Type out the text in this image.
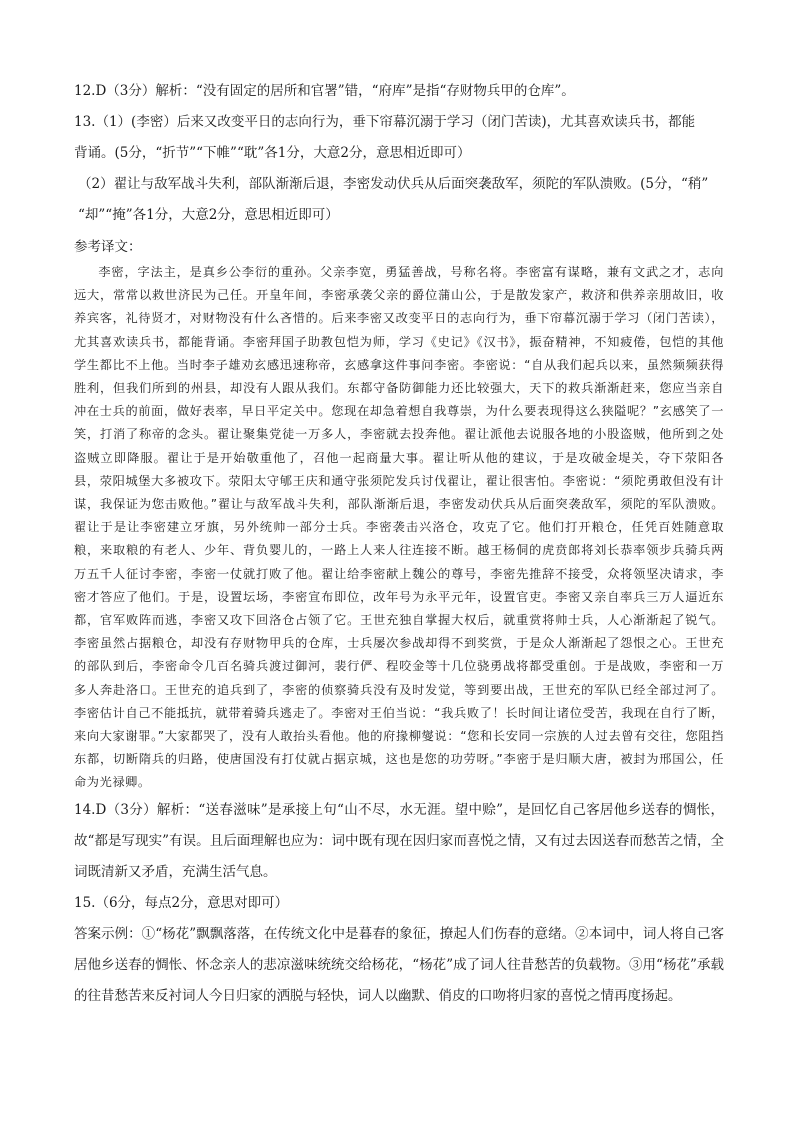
12.D（3分）解析：“没有固定的居所和官署”错，“府库”是指“存财物兵甲的仓库”。

13.（1）(李密）后来又改变平日的志向行为，垂下帘幕沉溺于学习（闭门苦读)，尤其喜欢读兵书，都能

背诵。(5分，“折节”“下帷”“耽”各1分，大意2分，意思相近即可）

（2）翟让与敌军战斗失利，部队渐渐后退，李密发动伏兵从后面突袭敌军，须陀的军队溃败。(5分，“稍”

“却”“掩”各1分，大意2分，意思相近即可）

参考译文：

李密，字法主，是真乡公李衍的重孙。父亲李宽，勇猛善战，号称名将。李密富有谋略，兼有文武之才，志向远大，常常以救世济民为己任。开皇年间，李密承袭父亲的爵位蒲山公，于是散发家产，救济和供养亲朋故旧，收养宾客，礼待贤才，对财物没有什么吝惜的。后来李密又改变平日的志向行为，垂下帘幕沉溺于学习（闭门苦读），尤其喜欢读兵书，都能背诵。李密拜国子助教包恺为师，学习《史记》《汉书》，振奋精神，不知疲倦，包恺的其他学生都比不上他。当时李子雄劝玄感迅速称帝，玄感拿这件事问李密。李密说：“自从我们起兵以来，虽然频频获得胜利，但我们所到的州县，却没有人跟从我们。东都守备防御能力还比较强大，天下的救兵渐渐赶来，您应当亲自冲在士兵的前面，做好表率，早日平定关中。您现在却急着想自我尊崇，为什么要表现得这么狭隘呢？”玄感笑了一笑，打消了称帝的念头。翟让聚集党徒一万多人，李密就去投奔他。翟让派他去说服各地的小股盗贼，他所到之处盗贼立即降服。翟让于是开始敬重他了，召他一起商量大事。翟让听从他的建议，于是攻破金堤关，夺下荥阳各县，荥阳城堡大多被攻下。荥阳太守郇王庆和通守张须陀发兵讨伐翟让，翟让很害怕。李密说：“须陀勇敢但没有计谋，我保证为您击败他。”翟让与敌军战斗失利，部队渐渐后退，李密发动伏兵从后面突袭敌军，须陀的军队溃败。翟让于是让李密建立牙旗，另外统帅一部分士兵。李密袭击兴洛仓，攻克了它。他们打开粮仓，任凭百姓随意取粮，来取粮的有老人、少年、背负婴儿的，一路上人来人往连接不断。越王杨侗的虎贲郎将刘长恭率领步兵骑兵两万五千人征讨李密，李密一仗就打败了他。翟让给李密献上魏公的尊号，李密先推辞不接受，众将领坚决请求，李密才答应了他们。于是，设置坛场，李密宣布即位，改年号为永平元年，设置官吏。李密又亲自率兵三万人逼近东都，官军败阵而逃，李密又攻下回洛仓占领了它。王世充独自掌握大权后，就重赏将帅士兵，人心渐渐起了锐气。李密虽然占据粮仓，却没有存财物甲兵的仓库，士兵屡次参战却得不到奖赏，于是众人渐渐起了怨恨之心。王世充的部队到后，李密命令几百名骑兵渡过御河，裴行俨、程咬金等十几位骁勇战将都受重创。于是战败，李密和一万多人奔赴洛口。王世充的追兵到了，李密的侦察骑兵没有及时发觉，等到要出战，王世充的军队已经全部过河了。李密估计自己不能抵抗，就带着骑兵逃走了。李密对王伯当说：“我兵败了！长时间让诸位受苦，我现在自行了断，来向大家谢罪。”大家都哭了，没有人敢抬头看他。他的府掾柳燮说：“您和长安同一宗族的人过去曾有交往，您阻挡东都，切断隋兵的归路，使唐国没有打仗就占据京城，这也是您的功劳呀。”李密于是归顺大唐，被封为邢国公，任命为光禄卿。

14.D（3分）解析：“送春滋味”是承接上句“山不尽，水无涯。望中赊”，是回忆自己客居他乡送春的惆怅，故“都是写现实”有误。且后面理解也应为：词中既有现在因归家而喜悦之情，又有过去因送春而愁苦之情，全词既清新又矛盾，充满生活气息。

15.（6分，每点2分，意思对即可）

答案示例：①“杨花”飘飘落落，在传统文化中是暮春的象征，撩起人们伤春的意绪。②本词中，词人将自己客居他乡送春的惆怅、怀念亲人的悲凉滋味统统交给杨花，“杨花”成了词人往昔愁苦的负载物。③用“杨花”承载的往昔愁苦来反衬词人今日归家的洒脱与轻快，词人以幽默、俏皮的口吻将归家的喜悦之情再度扬起。
